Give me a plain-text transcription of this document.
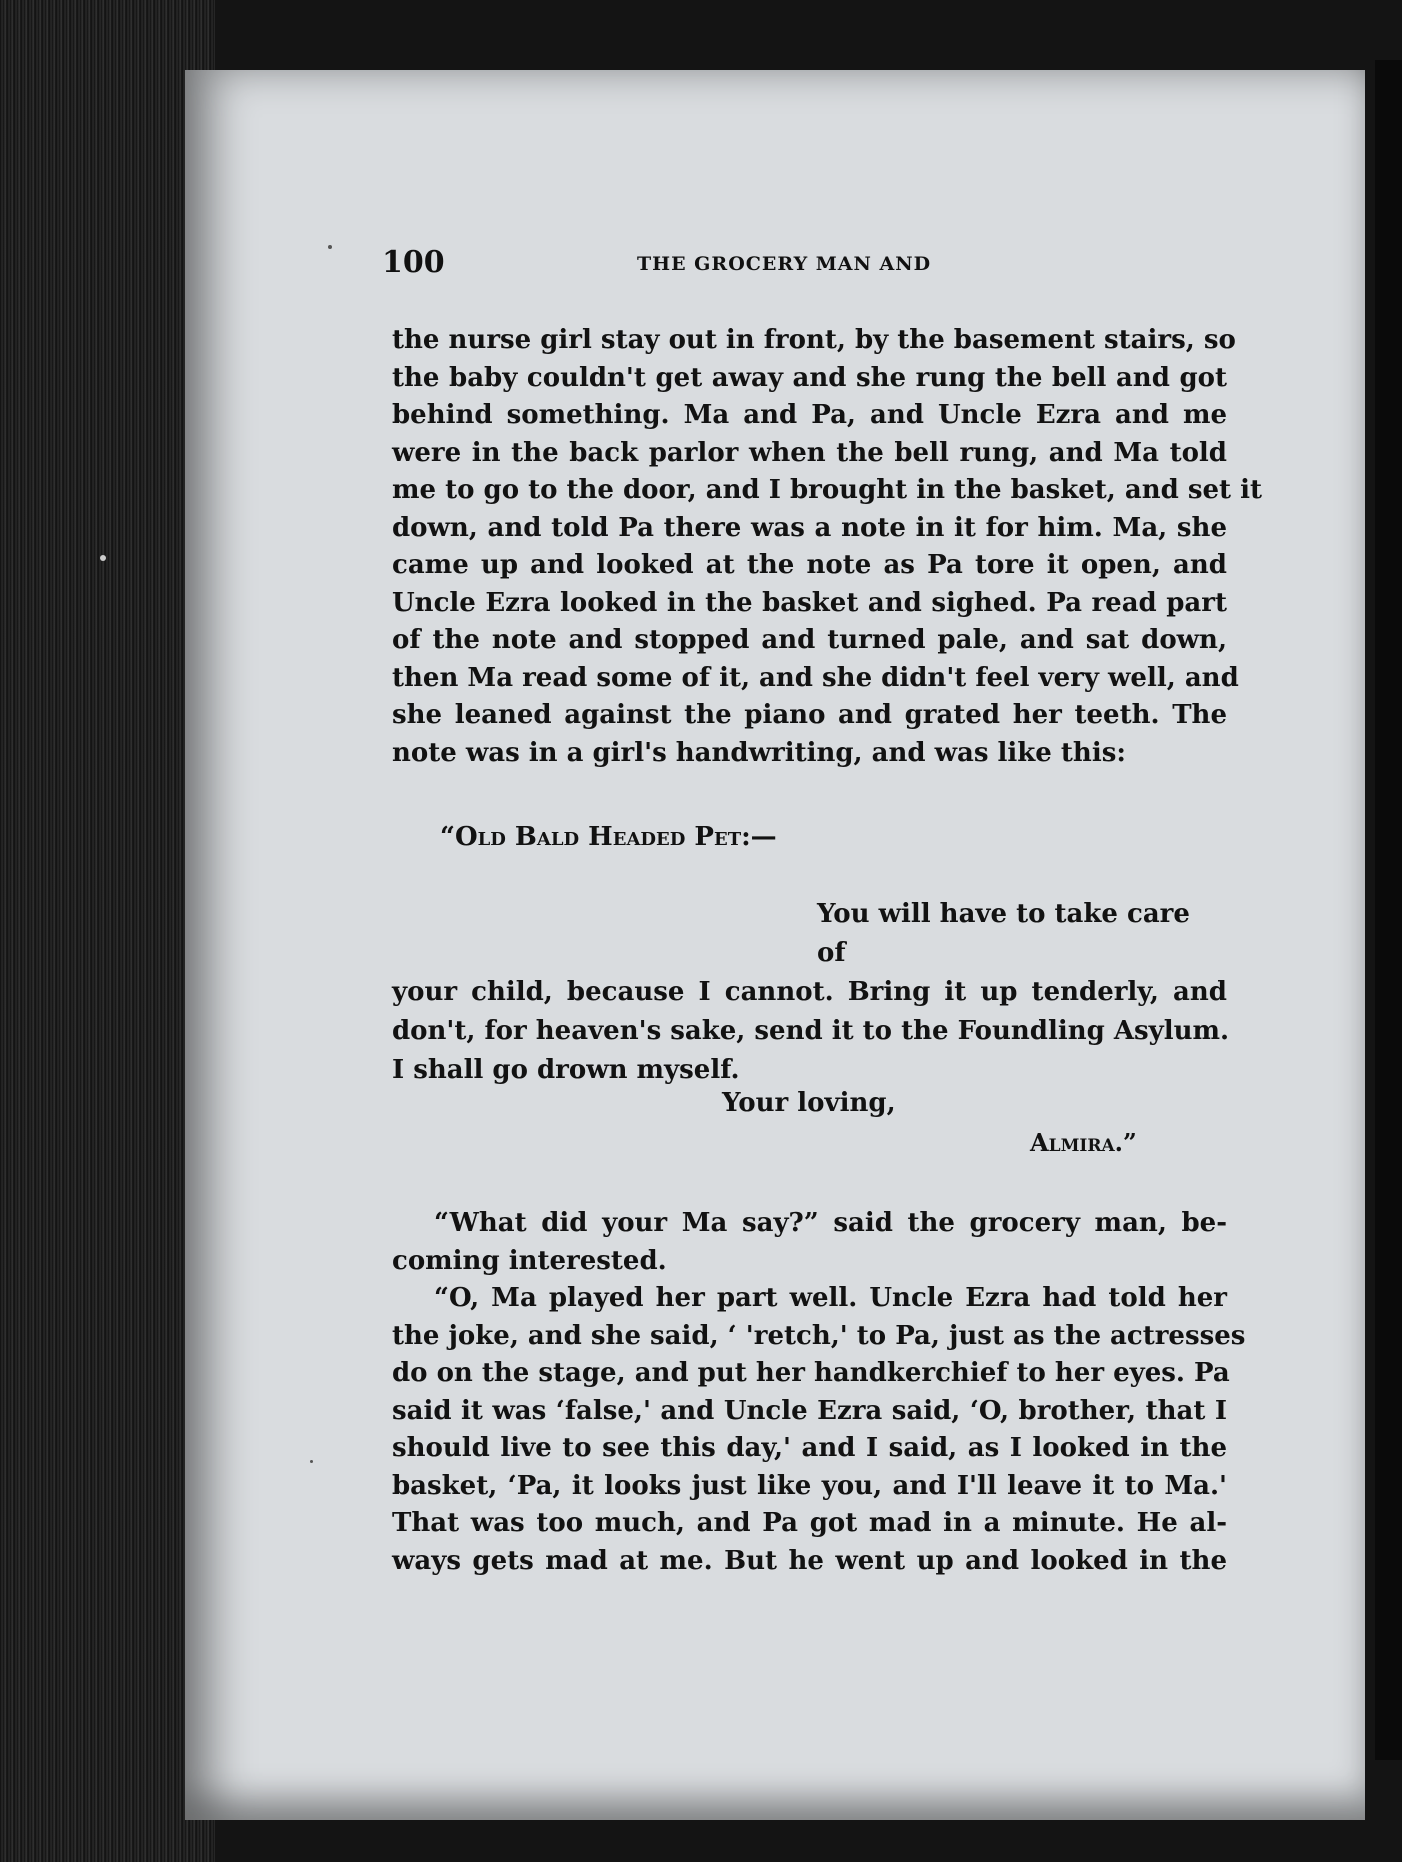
100	THE GROCERY MAN AND
the nurse girl stay out in front, by the basement stairs, so
the baby couldn't get away and she rung the bell and got
behind something. Ma and Pa, and Uncle Ezra and me
were in the back parlor when the bell rung, and Ma told
me to go to the door, and I brought in the basket, and set it
down, and told Pa there was a note in it for him. Ma, she
came up and looked at the note as Pa tore it open, and
Uncle Ezra looked in the basket and sighed. Pa read part
of the note and stopped and turned pale, and sat down,
then Ma read some of it, and she didn't feel very well, and
she leaned against the piano and grated her teeth. The
note was in a girl's handwriting, and was like this:
“Old Bald Headed Pet:—
You will have to take care of
your child, because I cannot. Bring it up tenderly, and
don't, for heaven's sake, send it to the Foundling Asylum.
I shall go drown myself.
Your loving,
Almira.”
“What did your Ma say?” said the grocery man, be-
coming interested.
“O, Ma played her part well. Uncle Ezra had told her
the joke, and she said, ‘ 'retch,' to Pa, just as the actresses
do on the stage, and put her handkerchief to her eyes. Pa
said it was ‘false,' and Uncle Ezra said, ‘O, brother, that I
should live to see this day,' and I said, as I looked in the
basket, ‘Pa, it looks just like you, and I'll leave it to Ma.'
That was too much, and Pa got mad in a minute. He al-
ways gets mad at me. But he went up and looked in the
